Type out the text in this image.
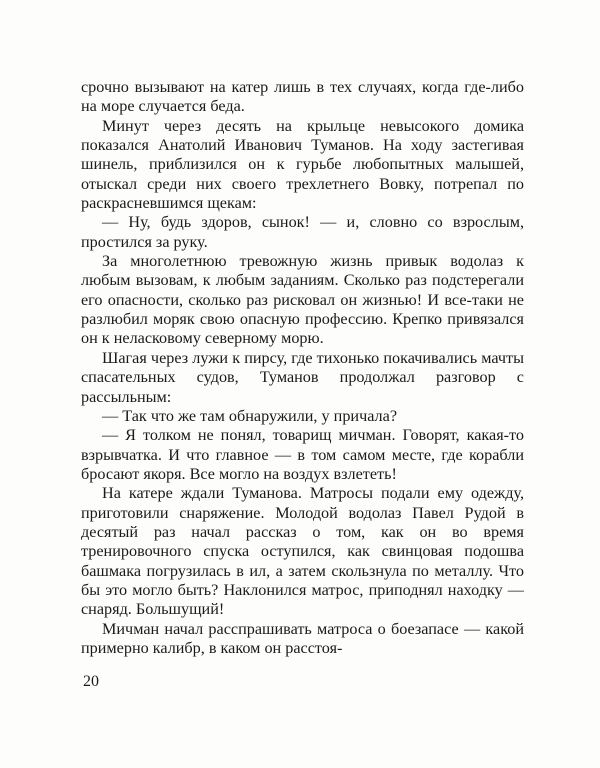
срочно вызывают на катер лишь в тех случаях, когда где-либо на море случается беда.

Минут через десять на крыльце невысокого домика показался Анатолий Иванович Туманов. На ходу застегивая шинель, приблизился он к гурьбе любопытных малышей, отыскал среди них своего трехлетнего Вовку, потрепал по раскрасневшимся щекам:

— Ну, будь здоров, сынок! — и, словно со взрослым, простился за руку.

За многолетнюю тревожную жизнь привык водолаз к любым вызовам, к любым заданиям. Сколько раз подстерегали его опасности, сколько раз рисковал он жизнью! И все-таки не разлюбил моряк свою опасную профессию. Крепко привязался он к неласковому северному морю.

Шагая через лужи к пирсу, где тихонько покачивались мачты спасательных судов, Туманов продолжал разговор с рассыльным:

— Так что же там обнаружили, у причала?

— Я толком не понял, товарищ мичман. Говорят, какая-то взрывчатка. И что главное — в том самом месте, где корабли бросают якоря. Все могло на воздух взлететь!

На катере ждали Туманова. Матросы подали ему одежду, приготовили снаряжение. Молодой водолаз Павел Рудой в десятый раз начал рассказ о том, как он во время тренировочного спуска оступился, как свинцовая подошва башмака погрузилась в ил, а затем скользнула по металлу. Что бы это могло быть? Наклонился матрос, приподнял находку — снаряд. Большущий!

Мичман начал расспрашивать матроса о боезапасе — какой примерно калибр, в каком он расстоя-

20
